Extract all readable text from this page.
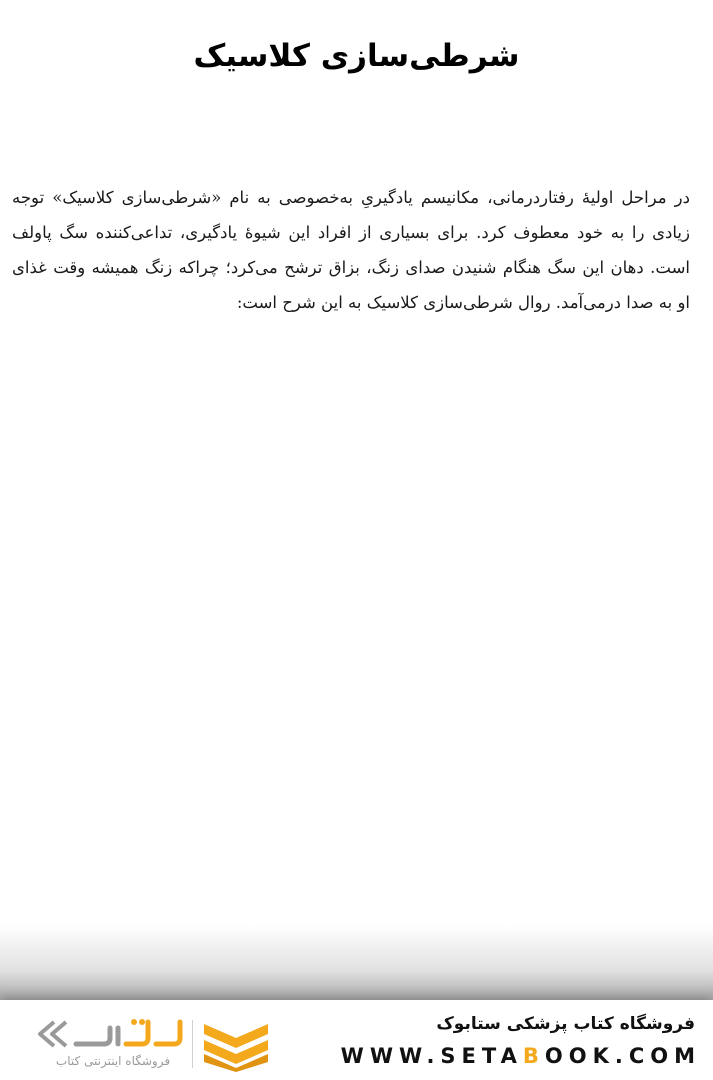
شرطی‌سازی کلاسیک

در مراحل اولیهٔ رفتاردرمانی، مکانیسم یادگیریِ به‌خصوصی به نام «شرطی‌سازی کلاسیک» توجه زیادی را به خود معطوف کرد. برای بسیاری از افراد این شیوهٔ یادگیری، تداعی‌کننده سگ پاولف است. دهان این سگ هنگام شنیدن صدای زنگ، بزاق ترشح می‌کرد؛ چراکه زنگ همیشه وقت غذای او به صدا درمی‌آمد. روال شرطی‌سازی کلاسیک به این شرح است:

فروشگاه اینترنتی کتاب
فروشگاه کتاب پزشکی ستابوک
WWW.SETABOOK.COM
